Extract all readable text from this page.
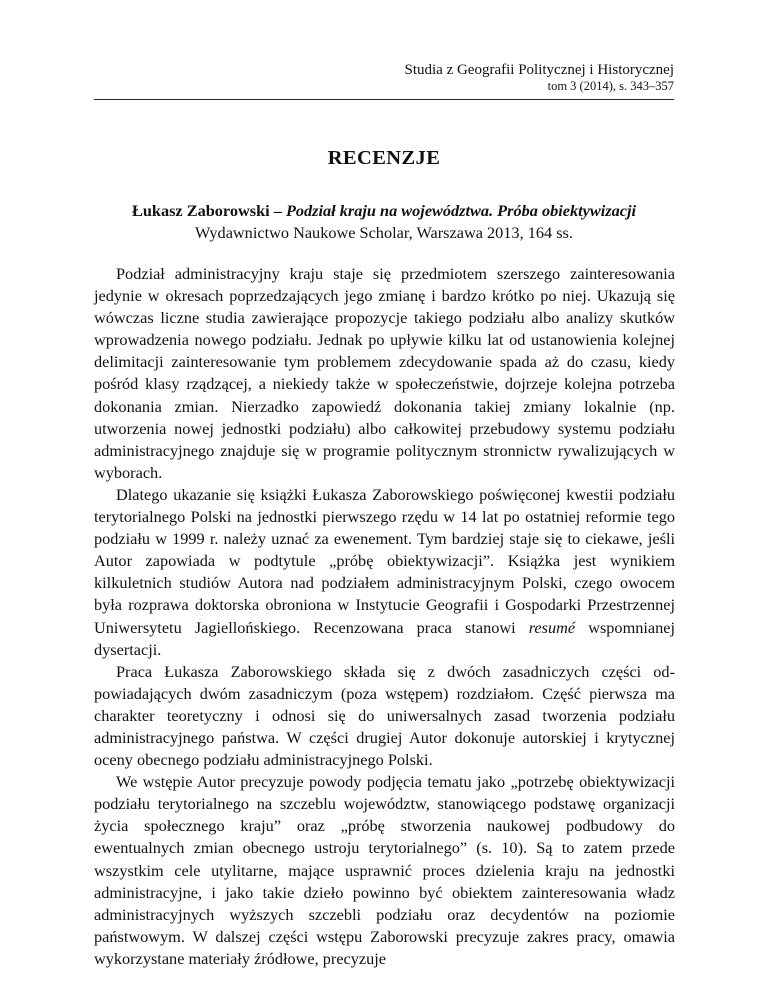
Studia z Geografii Politycznej i Historycznej
tom 3 (2014), s. 343–357
RECENZJE
Łukasz Zaborowski – Podział kraju na województwa. Próba obiektywizacji
Wydawnictwo Naukowe Scholar, Warszawa 2013, 164 ss.

Podział administracyjny kraju staje się przedmiotem szerszego zainteresowania jedynie w okresach poprzedzających jego zmianę i bardzo krótko po niej. Ukazują się wówczas liczne studia zawierające propozycje takiego podziału albo analizy skutków wprowadzenia nowego podziału. Jednak po upływie kilku lat od ustanowienia kolejnej delimitacji zainteresowanie tym problemem zdecydowanie spada aż do czasu, kiedy pośród klasy rządzącej, a niekiedy także w społeczeństwie, dojrzeje kolejna potrzeba dokonania zmian. Nierzadko zapowiedź dokonania takiej zmiany lokalnie (np. utworzenia nowej jednostki podziału) albo całkowitej przebudowy systemu podziału administracyjnego znajduje się w programie politycznym stronnictw rywalizujących w wyborach.

Dlatego ukazanie się książki Łukasza Zaborowskiego poświęconej kwestii podziału terytorialnego Polski na jednostki pierwszego rzędu w 14 lat po ostatniej reformie tego podziału w 1999 r. należy uznać za ewenement. Tym bardziej staje się to ciekawe, jeśli Autor zapowiada w podtytule „próbę obiektywizacji”. Książka jest wynikiem kilkuletnich studiów Autora nad podziałem administracyjnym Polski, czego owocem była rozprawa doktorska obroniona w Instytucie Geografii i Gospodarki Przestrzennej Uniwersytetu Jagiellońskiego. Recenzowana praca stanowi resumé wspomnianej dysertacji.

Praca Łukasza Zaborowskiego składa się z dwóch zasadniczych części odpowiadających dwóm zasadniczym (poza wstępem) rozdziałom. Część pierwsza ma charakter teoretyczny i odnosi się do uniwersalnych zasad tworzenia podziału administracyjnego państwa. W części drugiej Autor dokonuje autorskiej i krytycznej oceny obecnego podziału administracyjnego Polski.

We wstępie Autor precyzuje powody podjęcia tematu jako „potrzebę obiektywizacji podziału terytorialnego na szczeblu województw, stanowiącego podstawę organizacji życia społecznego kraju” oraz „próbę stworzenia naukowej podbudowy do ewentualnych zmian obecnego ustroju terytorialnego” (s. 10). Są to zatem przede wszystkim cele utylitarne, mające usprawnić proces dzielenia kraju na jednostki administracyjne, i jako takie dzieło powinno być obiektem zainteresowania władz administracyjnych wyższych szczebli podziału oraz decydentów na poziomie państwowym. W dalszej części wstępu Zaborowski precyzuje zakres pracy, omawia wykorzystane materiały źródłowe, precyzuje
